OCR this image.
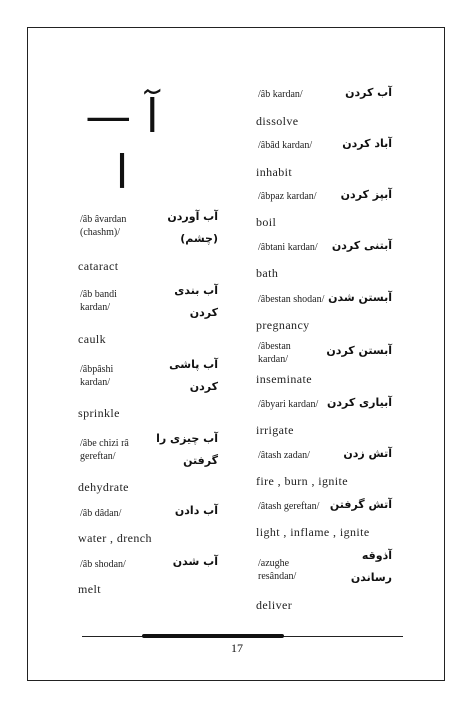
آ — ا
آب کردن
/âb kardan/
dissolve
آباد کردن
/âbâd kardan/
inhabit
آبپز کردن
/âbpaz kardan/
boil
آبتنی کردن
/âbtani kardan/
bath
آبستن شدن
/âbestan shodan/
pregnancy
آبستن کردن
/âbestan kardan/
inseminate
آبیاری کردن
/âbyari kardan/
irrigate
آتش زدن
/âtash zadan/
fire , burn , ignite
آتش گرفتن
/âtash gereftan/
light , inflame , ignite
آذوقه رساندن
/azughe resândan/
deliver
آب آوردن (چشم)
/âb âvardan (chashm)/
cataract
آب بندی کردن
/âb bandi kardan/
caulk
آب پاشی کردن
/âbpâshi kardan/
sprinkle
آب چیزی را گرفتن
/âbe chizi râ gereftan/
dehydrate
آب دادن
/âb dâdan/
water , drench
آب شدن
/âb shodan/
melt
17
